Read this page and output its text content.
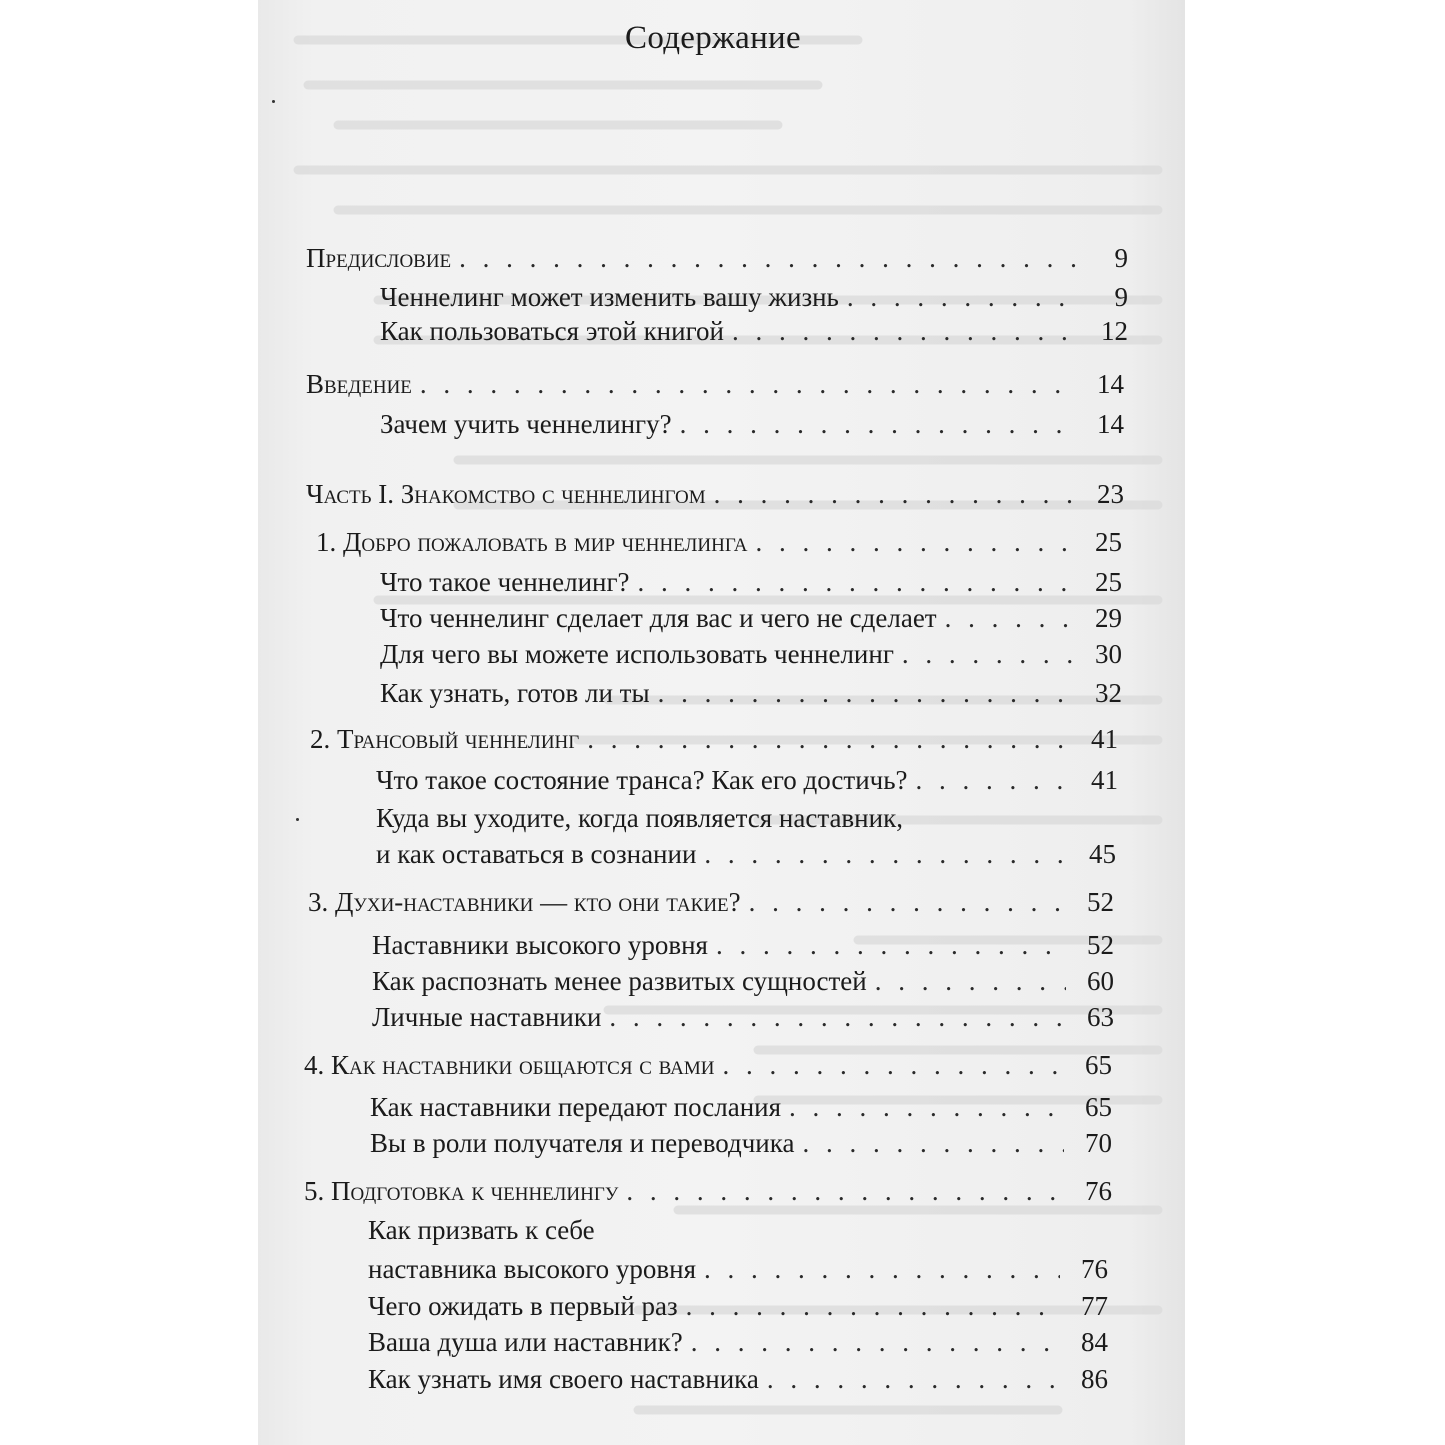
Содержание
Предисловие . . .	9
Ченнелинг может изменить вашу жизнь . . .	9
Как пользоваться этой книгой . . .	12
Введение . . .	14
Зачем учить ченнелингу? . . .	14
Часть I. Знакомство с ченнелингом . . .	23
1. Добро пожаловать в мир ченнелинга . . .	25
Что такое ченнелинг? . . .	25
Что ченнелинг сделает для вас и чего не сделает . . .	29
Для чего вы можете использовать ченнелинг . . .	30
Как узнать, готов ли ты . . .	32
2. Трансовый ченнелинг . . .	41
Что такое состояние транса? Как его достичь? . . .	41
Куда вы уходите, когда появляется наставник,
и как оставаться в сознании . . .	45
3. Духи-наставники — кто они такие? . . .	52
Наставники высокого уровня . . .	52
Как распознать менее развитых сущностей . . .	60
Личные наставники . . .	63
4. Как наставники общаются с вами . . .	65
Как наставники передают послания . . .	65
Вы в роли получателя и переводчика . . .	70
5. Подготовка к ченнелингу . . .	76
Как призвать к себе
наставника высокого уровня . . .	76
Чего ожидать в первый раз . . .	77
Ваша душа или наставник? . . .	84
Как узнать имя своего наставника . . .	86
